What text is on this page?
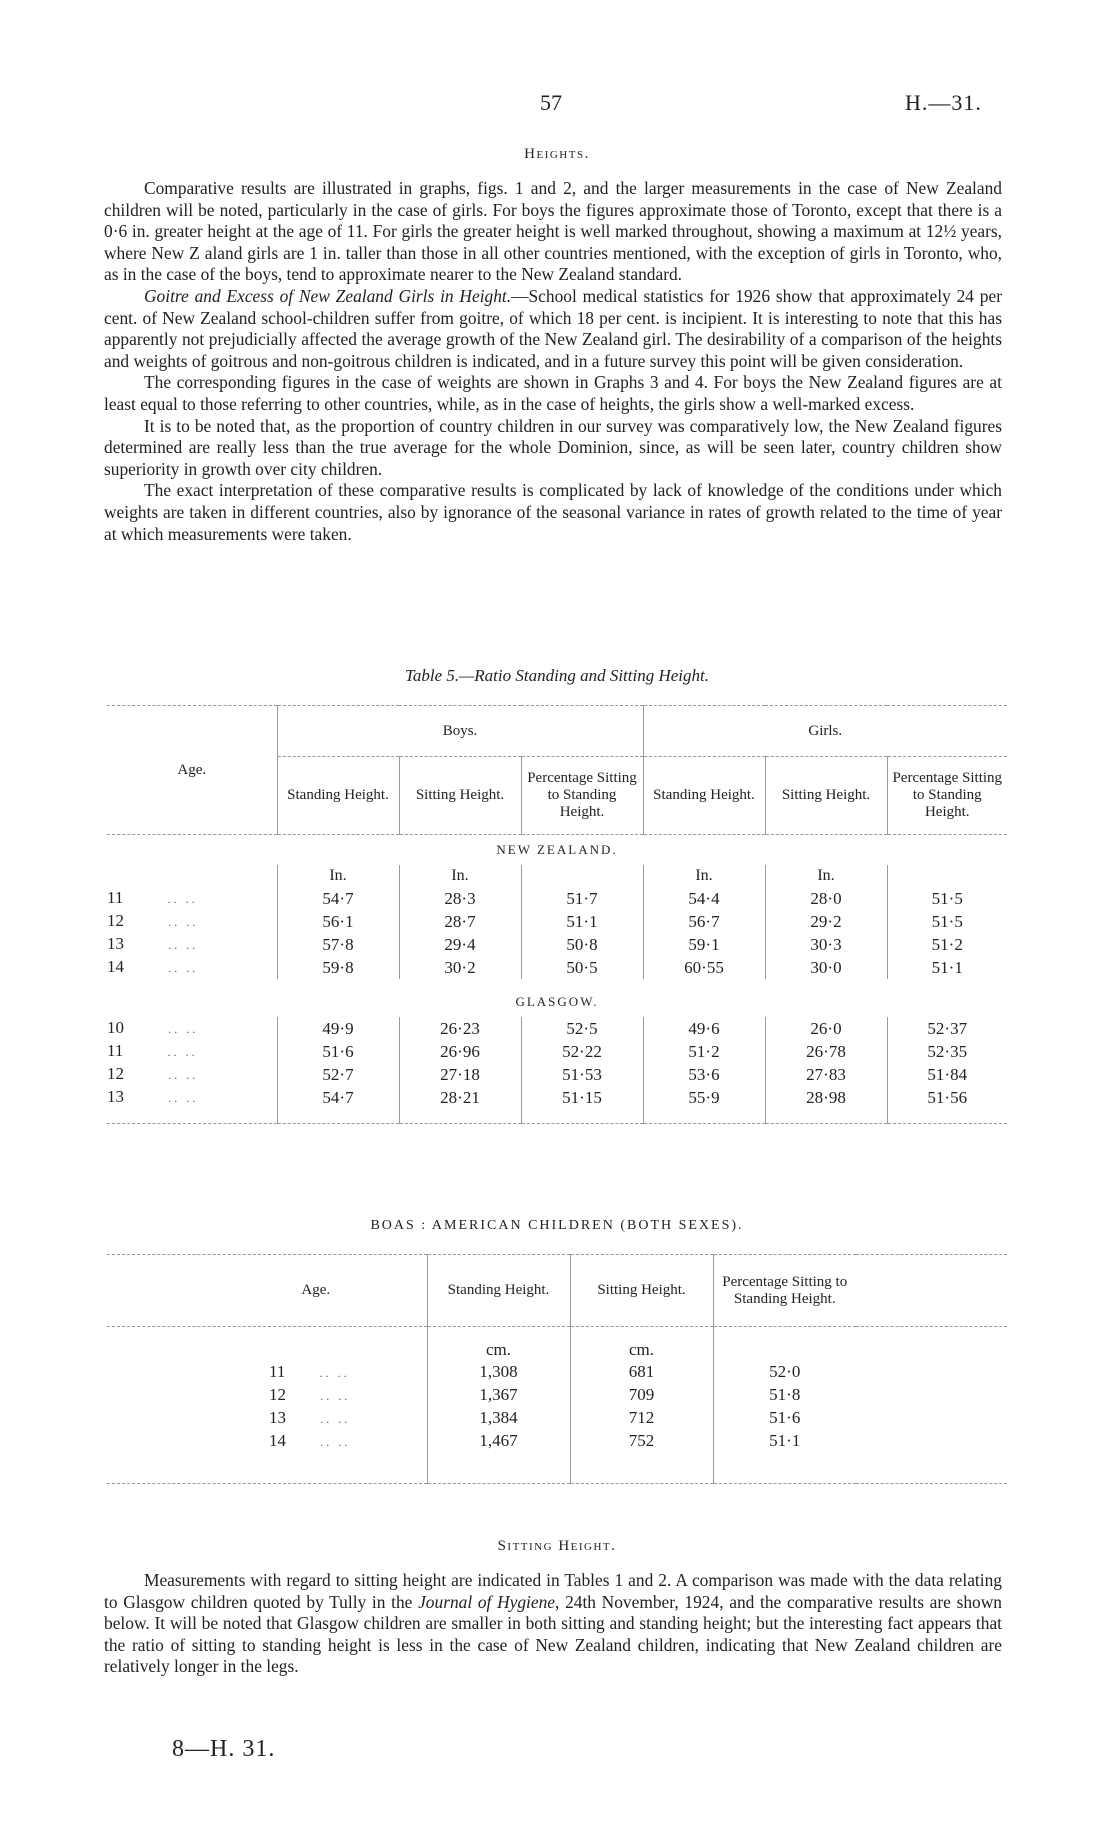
57	H.—31.
Heights.

Comparative results are illustrated in graphs, figs. 1 and 2, and the larger measurements in the case of New Zealand children will be noted, particularly in the case of girls. For boys the figures approximate those of Toronto, except that there is a 0·6 in. greater height at the age of 11. For girls the greater height is well marked throughout, showing a maximum at 12½ years, where New Z aland girls are 1 in. taller than those in all other countries mentioned, with the exception of girls in Toronto, who, as in the case of the boys, tend to approximate nearer to the New Zealand standard.

Goitre and Excess of New Zealand Girls in Height.—School medical statistics for 1926 show that approximately 24 per cent. of New Zealand school-children suffer from goitre, of which 18 per cent. is incipient. It is interesting to note that this has apparently not prejudicially affected the average growth of the New Zealand girl. The desirability of a comparison of the heights and weights of goitrous and non-goitrous children is indicated, and in a future survey this point will be given consideration.

The corresponding figures in the case of weights are shown in Graphs 3 and 4. For boys the New Zealand figures are at least equal to those referring to other countries, while, as in the case of heights, the girls show a well-marked excess.

It is to be noted that, as the proportion of country children in our survey was comparatively low, the New Zealand figures determined are really less than the true average for the whole Dominion, since, as will be seen later, country children show superiority in growth over city children.

The exact interpretation of these comparative results is complicated by lack of knowledge of the conditions under which weights are taken in different countries, also by ignorance of the seasonal variance in rates of growth related to the time of year at which measurements were taken.

Table 5.—Ratio Standing and Sitting Height.
Age.	Boys.			Girls.		
	Standing Height.	Sitting Height.	Percentage Sitting to Standing Height.	Standing Height.	Sitting Height.	Percentage Sitting to Standing Height.
NEW ZEALAND.						
	In.	In.		In.	In.	
11 .. ..	54·7	28·3	51·7	54·4	28·0	51·5
12 .. ..	56·1	28·7	51·1	56·7	29·2	51·5
13 .. ..	57·8	29·4	50·8	59·1	30·3	51·2
14 .. ..	59·8	30·2	50·5	60·55	30·0	51·1
GLASGOW.						
10 .. ..	49·9	26·23	52·5	49·6	26·0	52·37
11 .. ..	51·6	26·96	52·22	51·2	26·78	52·35
12 .. ..	52·7	27·18	51·53	53·6	27·83	51·84
13 .. ..	54·7	28·21	51·15	55·9	28·98	51·56
BOAS : AMERICAN CHILDREN (BOTH SEXES).
Age.	Standing Height.	Sitting Height.	Percentage Sitting to Standing Height.	
	cm.	cm.		
11 .. ..	1,308	681	52·0	
12 .. ..	1,367	709	51·8	
13 .. ..	1,384	712	51·6	
14 .. ..	1,467	752	51·1	
Sitting Height.

Measurements with regard to sitting height are indicated in Tables 1 and 2. A comparison was made with the data relating to Glasgow children quoted by Tully in the Journal of Hygiene, 24th November, 1924, and the comparative results are shown below. It will be noted that Glasgow children are smaller in both sitting and standing height; but the interesting fact appears that the ratio of sitting to standing height is less in the case of New Zealand children, indicating that New Zealand children are relatively longer in the legs.

8—H. 31.
